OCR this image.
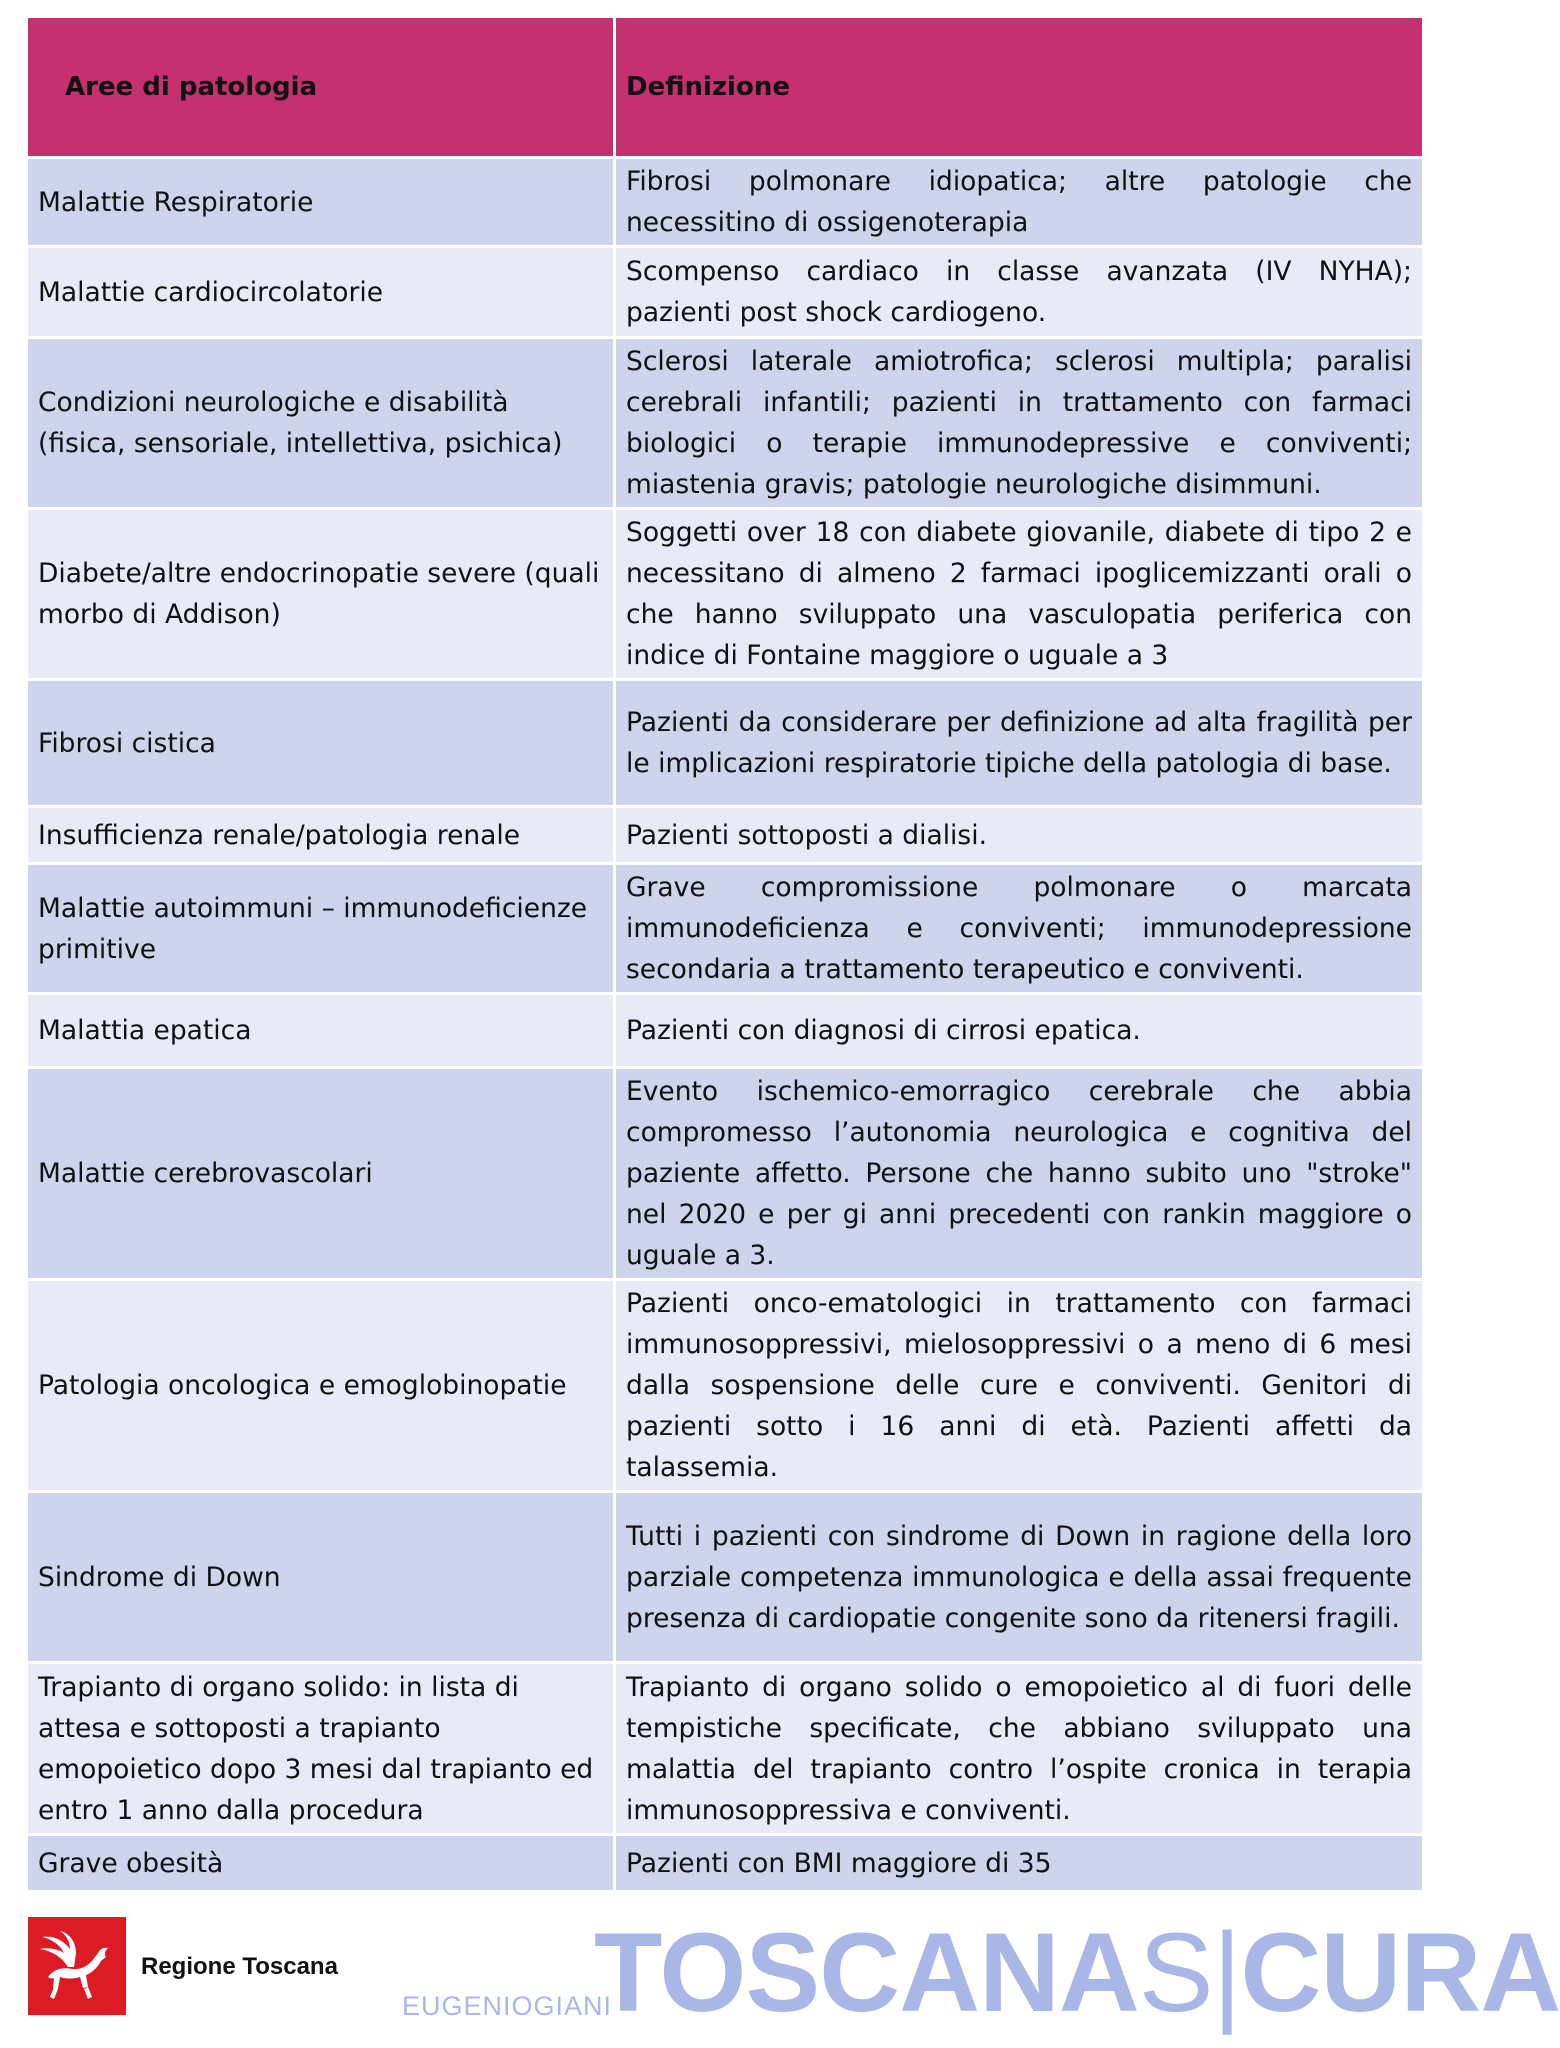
Aree di patologia	Definizione
Malattie Respiratorie	Fibrosi polmonare idiopatica; altre patologie che necessitino di ossigenoterapia
Malattie cardiocircolatorie	Scompenso cardiaco in classe avanzata (IV NYHA); pazienti post shock cardiogeno.
Condizioni neurologiche e disabilità (fisica, sensoriale, intellettiva, psichica)	Sclerosi laterale amiotrofica; sclerosi multipla; paralisi cerebrali infantili; pazienti in trattamento con farmaci biologici o terapie immunodepressive e conviventi; miastenia gravis; patologie neurologiche disimmuni.
Diabete/altre endocrinopatie severe (quali morbo di Addison)	Soggetti over 18 con diabete giovanile, diabete di tipo 2 e necessitano di almeno 2 farmaci ipoglicemizzanti orali o che hanno sviluppato una vasculopatia periferica con indice di Fontaine maggiore o uguale a 3
Fibrosi cistica	Pazienti da considerare per definizione ad alta fragilità per le implicazioni respiratorie tipiche della patologia di base.
Insufficienza renale/patologia renale	Pazienti sottoposti a dialisi.
Malattie autoimmuni – immunodeficienze primitive	Grave compromissione polmonare o marcata immunodeficienza e conviventi; immunodepressione secondaria a trattamento terapeutico e conviventi.
Malattia epatica	Pazienti con diagnosi di cirrosi epatica.
Malattie cerebrovascolari	Evento ischemico-emorragico cerebrale che abbia compromesso l’autonomia neurologica e cognitiva del paziente affetto. Persone che hanno subito uno "stroke" nel 2020 e per gi anni precedenti con rankin maggiore o uguale a 3.
Patologia oncologica e emoglobinopatie	Pazienti onco-ematologici in trattamento con farmaci immunosoppressivi, mielosoppressivi o a meno di 6 mesi dalla sospensione delle cure e conviventi. Genitori di pazienti sotto i 16 anni di età. Pazienti affetti da talassemia.
Sindrome di Down	Tutti i pazienti con sindrome di Down in ragione della loro parziale competenza immunologica e della assai frequente presenza di cardiopatie congenite sono da ritenersi fragili.
Trapianto di organo solido: in lista di attesa e sottoposti a trapianto emopoietico dopo 3 mesi dal trapianto ed entro 1 anno dalla procedura	Trapianto di organo solido o emopoietico al di fuori delle tempistiche specificate, che abbiano sviluppato una malattia del trapianto contro l’ospite cronica in terapia immunosoppressiva e conviventi.
Grave obesità	Pazienti con BMI maggiore di 35
Regione Toscana
EUGENIOGIANI
TOSCANAS|CURA
